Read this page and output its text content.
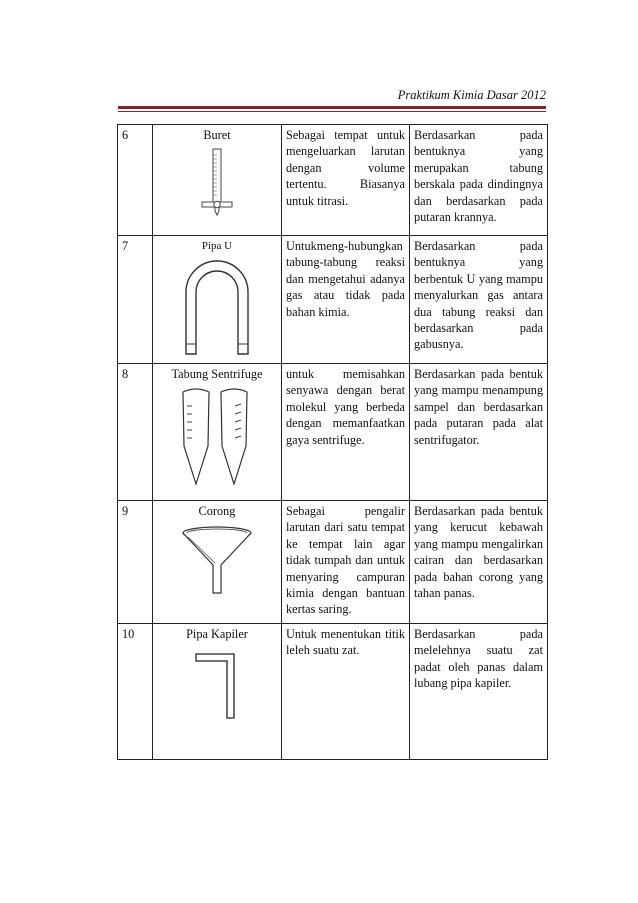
Praktikum Kimia Dasar 2012
6	Buret	Sebagai tempat untuk mengeluarkan larutan dengan volume tertentu. Biasanya untuk titrasi.	Berdasarkan pada bentuknya yang merupakan tabung berskala pada dindingnya dan berdasarkan pada putaran krannya.
7	Pipa U	Untukmeng-hubungkan tabung-tabung reaksi dan mengetahui adanya gas atau tidak pada bahan kimia.	Berdasarkan pada bentuknya yang berbentuk U yang mampu menyalurkan gas antara dua tabung reaksi dan berdasarkan pada gabusnya.
8	Tabung Sentrifuge	untuk memisahkan senyawa dengan berat molekul yang berbeda dengan memanfaatkan gaya sentrifuge.	Berdasarkan pada bentuk yang mampu menampung sampel dan berdasarkan pada putaran pada alat sentrifugator.
9	Corong	Sebagai pengalir larutan dari satu tempat ke tempat lain agar tidak tumpah dan untuk menyaring campuran kimia dengan bantuan kertas saring.	Berdasarkan pada bentuk yang kerucut kebawah yang mampu mengalirkan cairan dan berdasarkan pada bahan corong yang tahan panas.
10	Pipa Kapiler	Untuk menentukan titik leleh suatu zat.	Berdasarkan pada melelehnya suatu zat padat oleh panas dalam lubang pipa kapiler.
